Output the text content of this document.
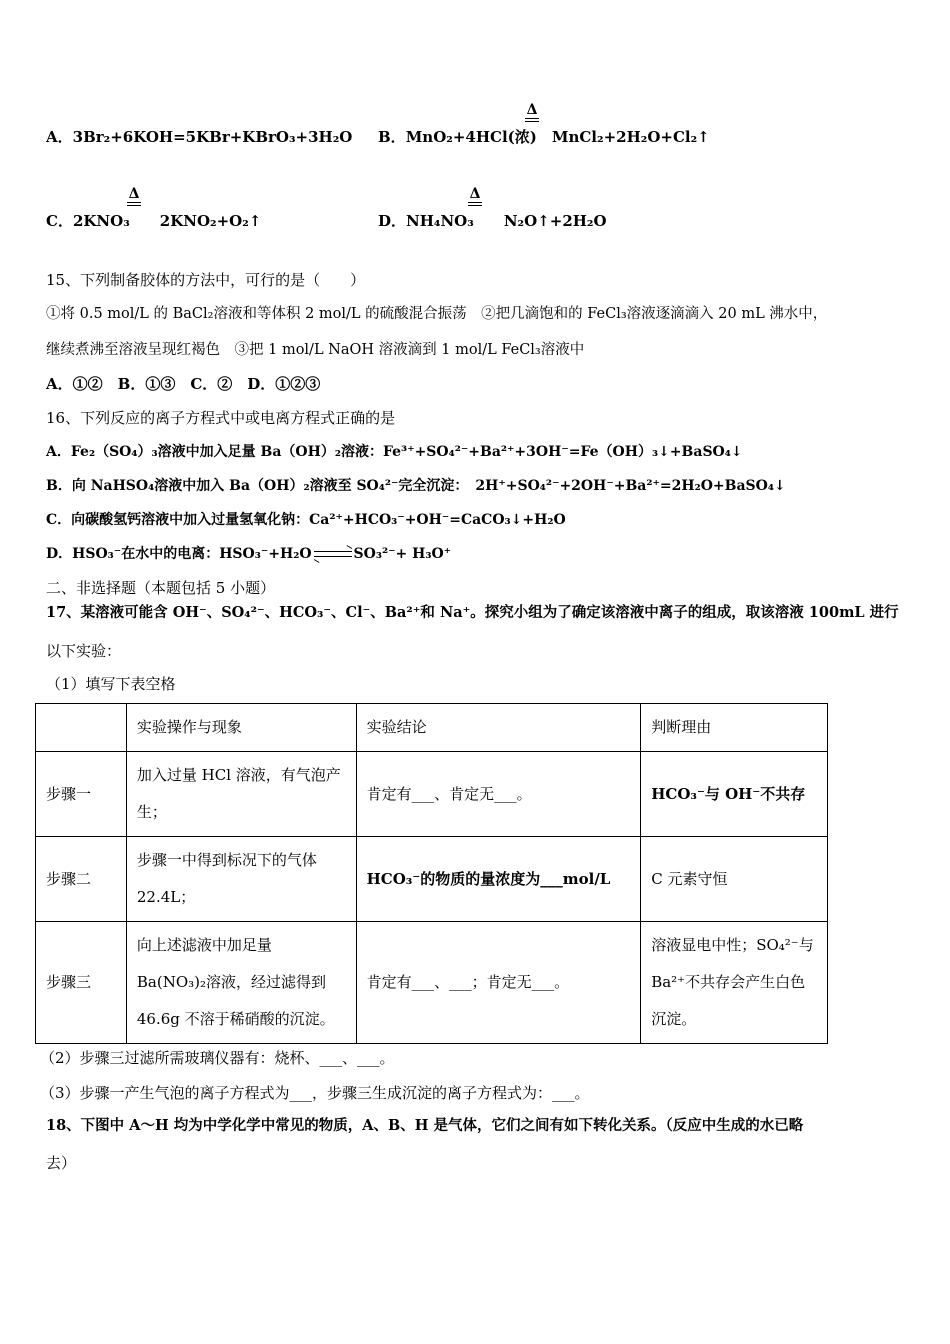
A．3Br₂+6KOH=5KBr+KBrO₃+3H₂O
Δ
B．MnO₂+4HCl(浓)　 MnCl₂+2H₂O+Cl₂↑
Δ
C．2KNO₃　　 2KNO₂+O₂↑
Δ
D．NH₄NO₃　　 N₂O↑+2H₂O
15、下列制备胶体的方法中，可行的是（　　）
①将 0.5 mol/L 的 BaCl₂溶液和等体积 2 mol/L 的硫酸混合振荡　②把几滴饱和的 FeCl₃溶液逐滴滴入 20 mL 沸水中，
继续煮沸至溶液呈现红褐色　③把 1 mol/L NaOH 溶液滴到 1 mol/L FeCl₃溶液中
A．①②　B．①③　C．②　D．①②③
16、下列反应的离子方程式中或电离方程式正确的是
A．Fe₂（SO₄）₃溶液中加入足量 Ba（OH）₂溶液：Fe³⁺+SO₄²⁻+Ba²⁺+3OH⁻=Fe（OH）₃↓+BaSO₄↓
B．向 NaHSO₄溶液中加入 Ba（OH）₂溶液至 SO₄²⁻完全沉淀：　2H⁺+SO₄²⁻+2OH⁻+Ba²⁺=2H₂O+BaSO₄↓
C．向碳酸氢钙溶液中加入过量氢氧化钠：Ca²⁺+HCO₃⁻+OH⁻=CaCO₃↓+H₂O
D．HSO₃⁻在水中的电离：HSO₃⁻+H₂O	SO₃²⁻+ H₃O⁺
二、非选择题（本题包括 5 小题）
17、某溶液可能含 OH⁻、SO₄²⁻、HCO₃⁻、Cl⁻、Ba²⁺和 Na⁺。探究小组为了确定该溶液中离子的组成，取该溶液 100mL 进行
以下实验：
（1）填写下表空格
	实验操作与现象	实验结论	判断理由
步骤一	加入过量 HCl 溶液，有气泡产生；	肯定有___、肯定无___。	HCO₃⁻与 OH⁻不共存
步骤二	步骤一中得到标况下的气体 22.4L；	HCO₃⁻的物质的量浓度为___mol/L	C 元素守恒
步骤三	向上述滤液中加足量 Ba(NO₃)₂溶液，经过滤得到 46.6g 不溶于稀硝酸的沉淀。	肯定有___、___；肯定无___。	溶液显电中性；SO₄²⁻与 Ba²⁺不共存会产生白色沉淀。
（2）步骤三过滤所需玻璃仪器有：烧杯、___、___。
（3）步骤一产生气泡的离子方程式为___，步骤三生成沉淀的离子方程式为：___。
18、下图中 A～H 均为中学化学中常见的物质，A、B、H 是气体，它们之间有如下转化关系。（反应中生成的水已略
去）
